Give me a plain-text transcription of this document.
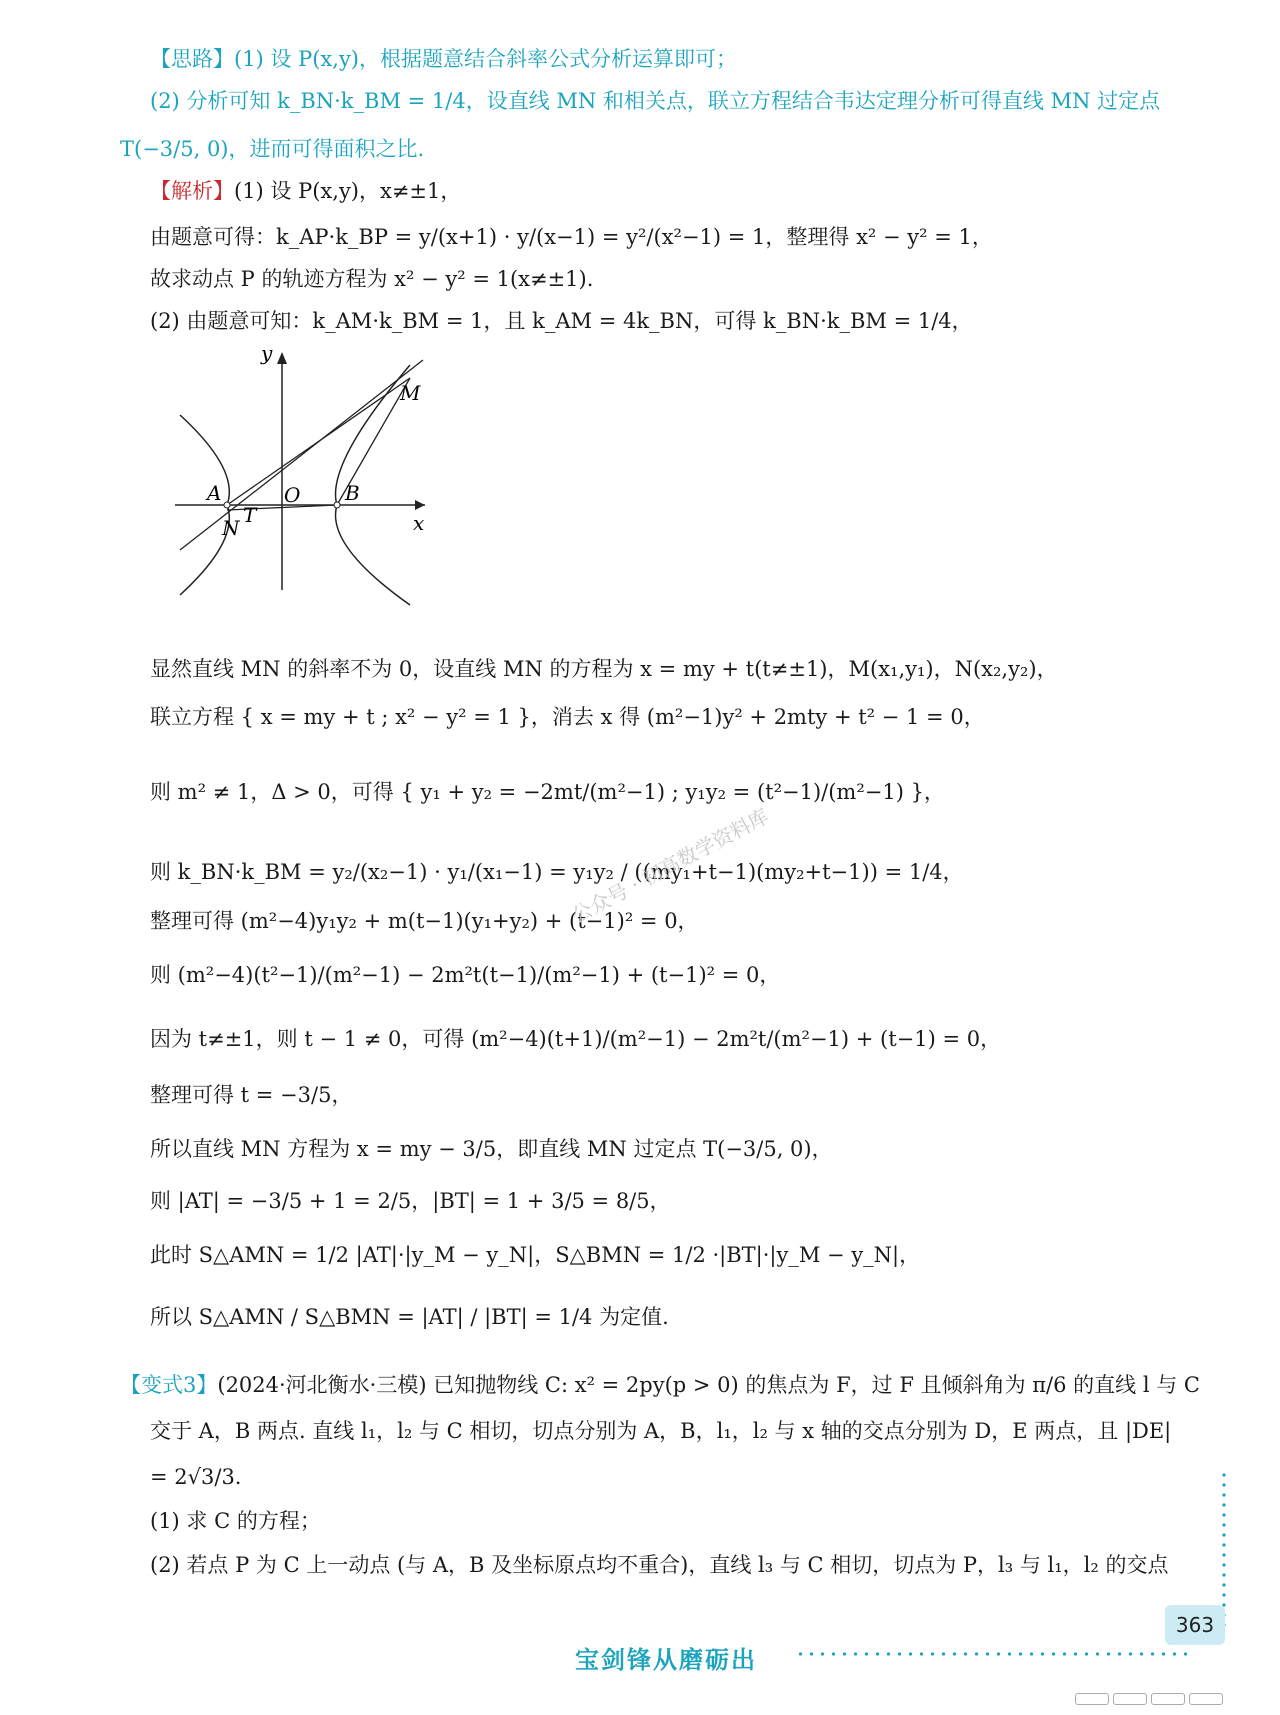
【思路】(1) 设 P(x,y)，根据题意结合斜率公式分析运算即可；
(2) 分析可知 k_BN·k_BM = 1/4，设直线 MN 和相关点，联立方程结合韦达定理分析可得直线 MN 过定点
T(−3/5, 0)，进而可得面积之比.
【解析】(1) 设 P(x,y)，x≠±1，
由题意可得：k_AP·k_BP = y/(x+1) · y/(x−1) = y²/(x²−1) = 1，整理得 x² − y² = 1，
故求动点 P 的轨迹方程为 x² − y² = 1(x≠±1).
(2) 由题意可知：k_AM·k_BM = 1，且 k_AM = 4k_BN，可得 k_BN·k_BM = 1/4，
y
x
O
A	B
M
N
T
显然直线 MN 的斜率不为 0，设直线 MN 的方程为 x = my + t(t≠±1)，M(x₁,y₁)，N(x₂,y₂)，
联立方程 { x = my + t ; x² − y² = 1 }，消去 x 得 (m²−1)y² + 2mty + t² − 1 = 0，
则 m² ≠ 1，Δ > 0，可得 { y₁ + y₂ = −2mt/(m²−1) ; y₁y₂ = (t²−1)/(m²−1) }，
则 k_BN·k_BM = y₂/(x₂−1) · y₁/(x₁−1) = y₁y₂ / ((my₁+t−1)(my₂+t−1)) = 1/4，
整理可得 (m²−4)y₁y₂ + m(t−1)(y₁+y₂) + (t−1)² = 0，
则 (m²−4)(t²−1)/(m²−1) − 2m²t(t−1)/(m²−1) + (t−1)² = 0，
因为 t≠±1，则 t − 1 ≠ 0，可得 (m²−4)(t+1)/(m²−1) − 2m²t/(m²−1) + (t−1) = 0，
整理可得 t = −3/5，
所以直线 MN 方程为 x = my − 3/5，即直线 MN 过定点 T(−3/5, 0)，
则 |AT| = −3/5 + 1 = 2/5，|BT| = 1 + 3/5 = 8/5，
此时 S△AMN = 1/2 |AT|·|y_M − y_N|，S△BMN = 1/2 ·|BT|·|y_M − y_N|，
所以 S△AMN / S△BMN = |AT| / |BT| = 1/4 为定值.
【变式3】(2024·河北衡水·三模) 已知抛物线 C: x² = 2py(p > 0) 的焦点为 F，过 F 且倾斜角为 π/6 的直线 l 与 C
交于 A，B 两点. 直线 l₁，l₂ 与 C 相切，切点分别为 A，B，l₁，l₂ 与 x 轴的交点分别为 D，E 两点，且 |DE|
= 2√3/3.
(1) 求 C 的方程；
(2) 若点 P 为 C 上一动点 (与 A，B 及坐标原点均不重合)，直线 l₃ 与 C 相切，切点为 P，l₃ 与 l₁，l₂ 的交点
公众号 · 初高数学资料库
363
宝剑锋从磨砺出
